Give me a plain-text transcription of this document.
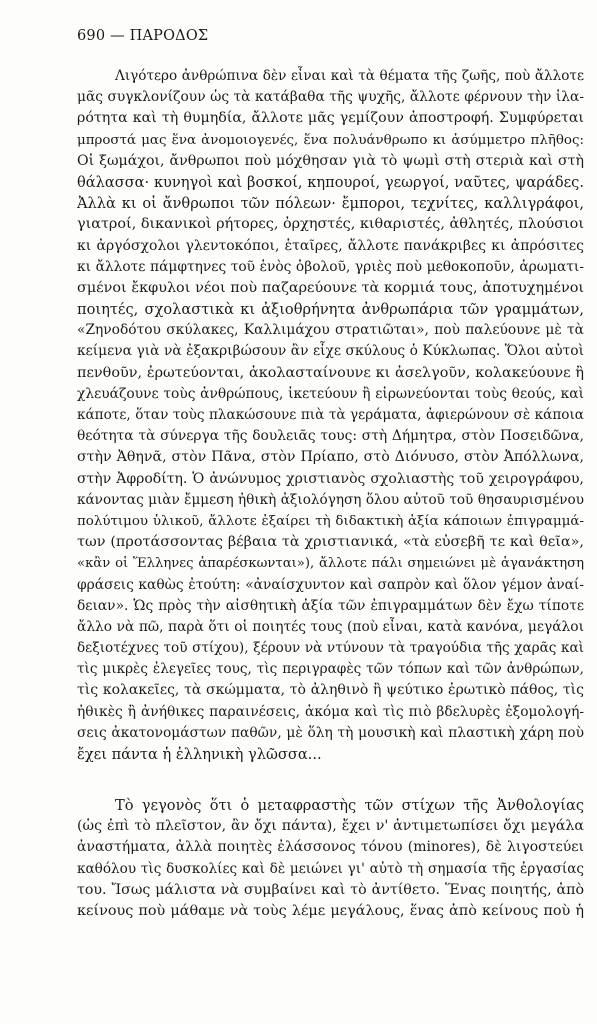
690 — ΠΑΡΟΔΟΣ
Λιγότερο ἀνθρώπινα δὲν εἶναι καὶ τὰ θέματα τῆς ζωῆς, ποὺ ἄλλοτε
μᾶς συγκλονίζουν ὡς τὰ κατάβαθα τῆς ψυχῆς, ἄλλοτε φέρνουν τὴν ἱλα-
ρότητα καὶ τὴ θυμηδία, ἄλλοτε μᾶς γεμίζουν ἀποστροφή. Συμφύρεται
μπροστά μας ἕνα ἀνομοιογενές, ἕνα πολυάνθρωπο κι ἀσύμμετρο πλῆθος:
Οἱ ξωμάχοι, ἄνθρωποι ποὺ μόχθησαν γιὰ τὸ ψωμὶ στὴ στεριὰ καὶ στὴ
θάλασσα· κυνηγοὶ καὶ βοσκοί, κηπουροί, γεωργοί, ναῦτες, ψαράδες.
Ἀλλὰ κι οἱ ἄνθρωποι τῶν πόλεων· ἔμποροι, τεχνίτες, καλλιγράφοι,
γιατροί, δικανικοὶ ρήτορες, ὀρχηστές, κιθαριστές, ἀθλητές, πλούσιοι
κι ἀργόσχολοι γλεντοκόποι, ἑταῖρες, ἄλλοτε πανάκριβες κι ἀπρόσιτες
κι ἄλλοτε πάμφτηνες τοῦ ἑνὸς ὀβολοῦ, γριὲς ποὺ μεθοκοποῦν, ἀρωματι-
σμένοι ἔκφυλοι νέοι ποὺ παζαρεύουνε τὰ κορμιά τους, ἀποτυχημένοι
ποιητές, σχολαστικὰ κι ἀξιοθρήνητα ἀνθρωπάρια τῶν γραμμάτων,
«Ζηνοδότου σκύλακες, Καλλιμάχου στρατιῶται», ποὺ παλεύουνε μὲ τὰ
κείμενα γιὰ νὰ ἐξακριβώσουν ἂν εἶχε σκύλους ὁ Κύκλωπας. Ὅλοι αὐτοὶ
πενθοῦν, ἐρωτεύονται, ἀκολασταίνουνε κι ἀσελγοῦν, κολακεύουνε ἢ
χλευάζουνε τοὺς ἀνθρώπους, ἱκετεύουν ἢ εἰρωνεύονται τοὺς θεούς, καὶ
κάποτε, ὅταν τοὺς πλακώσουνε πιὰ τὰ γεράματα, ἀφιερώνουν σὲ κάποια
θεότητα τὰ σύνεργα τῆς δουλειᾶς τους: στὴ Δήμητρα, στὸν Ποσειδῶνα,
στὴν Ἀθηνᾶ, στὸν Πᾶνα, στὸν Πρίαπο, στὸ Διόνυσο, στὸν Ἀπόλλωνα,
στὴν Ἀφροδίτη. Ὁ ἀνώνυμος χριστιανὸς σχολιαστὴς τοῦ χειρογράφου,
κάνοντας μιὰν ἔμμεση ἠθικὴ ἀξιολόγηση ὅλου αὐτοῦ τοῦ θησαυρισμένου
πολύτιμου ὑλικοῦ, ἄλλοτε ἐξαίρει τὴ διδακτικὴ ἀξία κάποιων ἐπιγραμμά-
των (προτάσσοντας βέβαια τὰ χριστιανικά, «τὰ εὐσεβῆ τε καὶ θεῖα»,
«κἂν οἱ Ἕλληνες ἀπαρέσκωνται»), ἄλλοτε πάλι σημειώνει μὲ ἀγανάκτηση
φράσεις καθὼς ἐτούτη: «ἀναίσχυντον καὶ σαπρὸν καὶ ὅλον γέμον ἀναί-
δειαν». Ὡς πρὸς τὴν αἰσθητικὴ ἀξία τῶν ἐπιγραμμάτων δὲν ἔχω τίποτε
ἄλλο νὰ πῶ, παρὰ ὅτι οἱ ποιητές τους (ποὺ εἶναι, κατὰ κανόνα, μεγάλοι
δεξιοτέχνες τοῦ στίχου), ξέρουν νὰ ντύνουν τὰ τραγούδια τῆς χαρᾶς καὶ
τὶς μικρὲς ἐλεγεῖες τους, τὶς περιγραφὲς τῶν τόπων καὶ τῶν ἀνθρώπων,
τὶς κολακεῖες, τὰ σκώμματα, τὸ ἀληθινὸ ἢ ψεύτικο ἐρωτικὸ πάθος, τὶς
ἠθικὲς ἢ ἀνήθικες παραινέσεις, ἀκόμα καὶ τὶς πιὸ βδελυρὲς ἐξομολογή-
σεις ἀκατονομάστων παθῶν, μὲ ὅλη τὴ μουσικὴ καὶ πλαστικὴ χάρη ποὺ
ἔχει πάντα ἡ ἑλληνικὴ γλῶσσα...
Τὸ γεγονὸς ὅτι ὁ μεταφραστὴς τῶν στίχων τῆς Ἀνθολογίας
(ὡς ἐπὶ τὸ πλεῖστον, ἂν ὄχι πάντα), ἔχει ν' ἀντιμετωπίσει ὄχι μεγάλα
ἀναστήματα, ἀλλὰ ποιητὲς ἐλάσσονος τόνου (minores), δὲ λιγοστεύει
καθόλου τὶς δυσκολίες καὶ δὲ μειώνει γι' αὐτὸ τὴ σημασία τῆς ἐργασίας
του. Ἴσως μάλιστα νὰ συμβαίνει καὶ τὸ ἀντίθετο. Ἕνας ποιητής, ἀπὸ
κείνους ποὺ μάθαμε νὰ τοὺς λέμε μεγάλους, ἕνας ἀπὸ κείνους ποὺ ἡ
